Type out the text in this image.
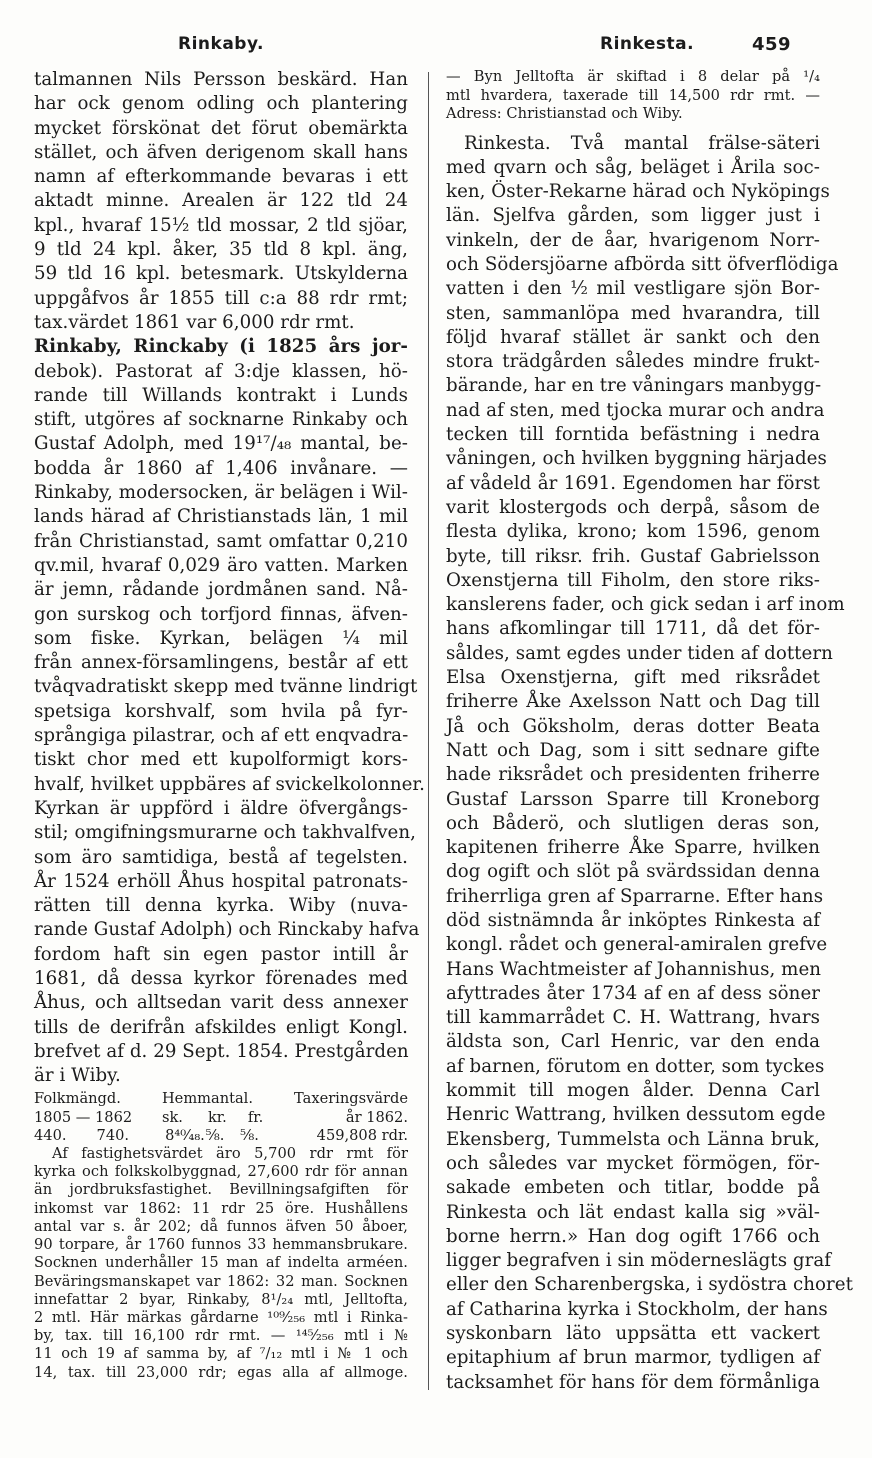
Rinkaby.	Rinkesta.	459
talmannen Nils Persson beskärd. Han
har ock genom odling och plantering
mycket förskönat det förut obemärkta
stället, och äfven derigenom skall hans
namn af efterkommande bevaras i ett
aktadt minne. Arealen är 122 tld 24
kpl., hvaraf 15½ tld mossar, 2 tld sjöar,
9 tld 24 kpl. åker, 35 tld 8 kpl. äng,
59 tld 16 kpl. betesmark. Utskylderna
uppgåfvos år 1855 till c:a 88 rdr rmt;
tax.värdet 1861 var 6,000 rdr rmt.
Rinkaby, Rinckaby (i 1825 års jor-
debok). Pastorat af 3:dje klassen, hö-
rande till Willands kontrakt i Lunds
stift, utgöres af socknarne Rinkaby och
Gustaf Adolph, med 19¹⁷/₄₈ mantal, be-
bodda år 1860 af 1,406 invånare. —
Rinkaby, modersocken, är belägen i Wil-
lands härad af Christianstads län, 1 mil
från Christianstad, samt omfattar 0,210
qv.mil, hvaraf 0,029 äro vatten. Marken
är jemn, rådande jordmånen sand. Nå-
gon surskog och torfjord finnas, äfven-
som fiske. Kyrkan, belägen ¼ mil
från annex-församlingens, består af ett
tvåqvadratiskt skepp med tvänne lindrigt
spetsiga korshvalf, som hvila på fyr-
språngiga pilastrar, och af ett enqvadra-
tiskt chor med ett kupolformigt kors-
hvalf, hvilket uppbäres af svickelkolonner.
Kyrkan är uppförd i äldre öfvergångs-
stil; omgifningsmurarne och takhvalfven,
som äro samtidiga, bestå af tegelsten.
År 1524 erhöll Åhus hospital patronats-
rätten till denna kyrka. Wiby (nuva-
rande Gustaf Adolph) och Rinckaby hafva
fordom haft sin egen pastor intill år
1681, då dessa kyrkor förenades med
Åhus, och alltsedan varit dess annexer
tills de derifrån afskildes enligt Kongl.
brefvet af d. 29 Sept. 1854. Prestgården
är i Wiby.
Folkmängd.	Hemmantal.	Taxeringsvärde
1805 — 1862	sk.	kr.	fr.	år 1862.
440.	740.	8⁴⁰⁄₄₈. ⅝.	⅝.	459,808 rdr.
Af fastighetsvärdet äro 5,700 rdr rmt för
kyrka och folkskolbyggnad, 27,600 rdr för annan
än jordbruksfastighet. Bevillningsafgiften för
inkomst var 1862: 11 rdr 25 öre. Hushållens
antal var s. år 202; då funnos äfven 50 åboer,
90 torpare, år 1760 funnos 33 hemmansbrukare.
Socknen underhåller 15 man af indelta arméen.
Beväringsmanskapet var 1862: 32 man. Socknen
innefattar 2 byar, Rinkaby, 8¹/₂₄ mtl, Jelltofta,
2 mtl. Här märkas gårdarne ¹⁰⁹⁄₂₅₆ mtl i Rinka-
by, tax. till 16,100 rdr rmt. — ¹⁴⁵⁄₂₅₆ mtl i №
11 och 19 af samma by, af ⁷/₁₂ mtl i № 1 och
14, tax. till 23,000 rdr; egas alla af allmoge.
— Byn Jelltofta är skiftad i 8 delar på ¹/₄
mtl hvardera, taxerade till 14,500 rdr rmt. —
Adress: Christianstad och Wiby.
Rinkesta. Två mantal frälse-säteri
med qvarn och såg, beläget i Årila soc-
ken, Öster-Rekarne härad och Nyköpings
län. Sjelfva gården, som ligger just i
vinkeln, der de åar, hvarigenom Norr-
och Södersjöarne afbörda sitt öfverflödiga
vatten i den ½ mil vestligare sjön Bor-
sten, sammanlöpa med hvarandra, till
följd hvaraf stället är sankt och den
stora trädgården således mindre frukt-
bärande, har en tre våningars manbygg-
nad af sten, med tjocka murar och andra
tecken till forntida befästning i nedra
våningen, och hvilken byggning härjades
af vådeld år 1691. Egendomen har först
varit klostergods och derpå, såsom de
flesta dylika, krono; kom 1596, genom
byte, till riksr. frih. Gustaf Gabrielsson
Oxenstjerna till Fiholm, den store riks-
kanslerens fader, och gick sedan i arf inom
hans afkomlingar till 1711, då det för-
såldes, samt egdes under tiden af dottern
Elsa Oxenstjerna, gift med riksrådet
friherre Åke Axelsson Natt och Dag till
Jå och Göksholm, deras dotter Beata
Natt och Dag, som i sitt sednare gifte
hade riksrådet och presidenten friherre
Gustaf Larsson Sparre till Kroneborg
och Båderö, och slutligen deras son,
kapitenen friherre Åke Sparre, hvilken
dog ogift och slöt på svärdssidan denna
friherrliga gren af Sparrarne. Efter hans
död sistnämnda år inköptes Rinkesta af
kongl. rådet och general-amiralen grefve
Hans Wachtmeister af Johannishus, men
afyttrades åter 1734 af en af dess söner
till kammarrådet C. H. Wattrang, hvars
äldsta son, Carl Henric, var den enda
af barnen, förutom en dotter, som tyckes
kommit till mogen ålder. Denna Carl
Henric Wattrang, hvilken dessutom egde
Ekensberg, Tummelsta och Länna bruk,
och således var mycket förmögen, för-
sakade embeten och titlar, bodde på
Rinkesta och lät endast kalla sig »väl-
borne herrn.» Han dog ogift 1766 och
ligger begrafven i sin möderneslägts graf
eller den Scharenbergska, i sydöstra choret
af Catharina kyrka i Stockholm, der hans
syskonbarn läto uppsätta ett vackert
epitaphium af brun marmor, tydligen af
tacksamhet för hans för dem förmånliga
